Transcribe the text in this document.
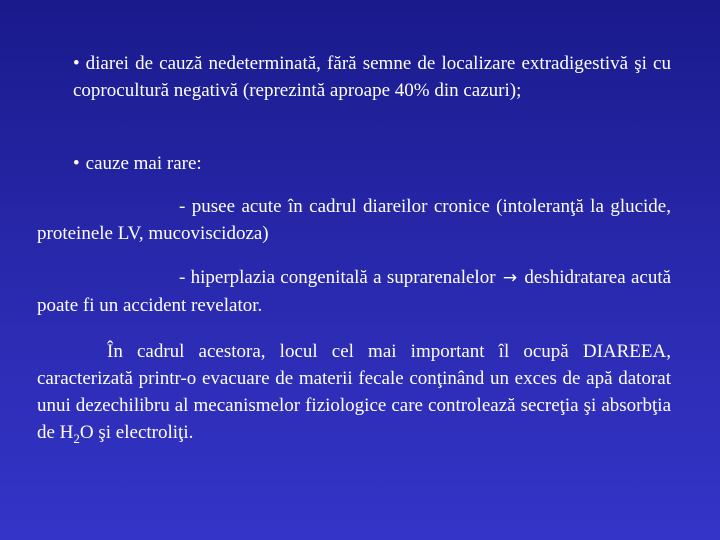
• diarei de cauză nedeterminată, fără semne de localizare extradigestivă şi cu coprocultură negativă (reprezintă aproape 40% din cazuri);

• cauze mai rare:

- pusee acute în cadrul diareilor cronice (intoleranţă la glucide, proteinele LV, mucoviscidoza)

- hiperplazia congenitală a suprarenalelor → deshidratarea acută poate fi un accident revelator.

În cadrul acestora, locul cel mai important îl ocupă DIAREEA, caracterizată printr-o evacuare de materii fecale conţinând un exces de apă datorat unui dezechilibru al mecanismelor fiziologice care controlează secreţia şi absorbţia de $H_2O$ şi electroliţi.
